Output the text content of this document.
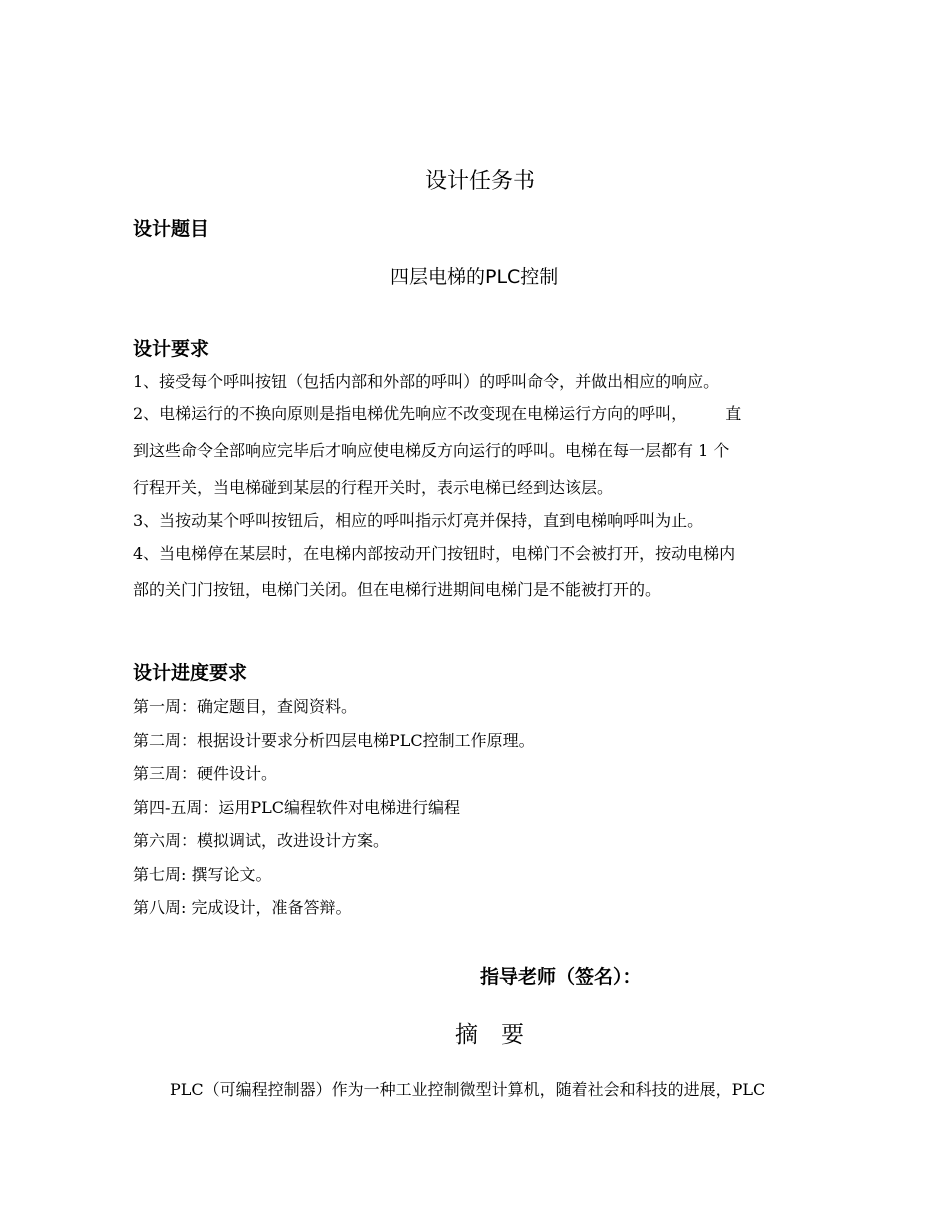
设计任务书
设计题目
四层电梯的PLC控制
设计要求
1、接受每个呼叫按钮（包括内部和外部的呼叫）的呼叫命令，并做出相应的响应。
2、电梯运行的不换向原则是指电梯优先响应不改变现在电梯运行方向的呼叫， 直
到这些命令全部响应完毕后才响应使电梯反方向运行的呼叫。电梯在每一层都有 1 个
行程开关，当电梯碰到某层的行程开关时，表示电梯已经到达该层。
3、当按动某个呼叫按钮后，相应的呼叫指示灯亮并保持，直到电梯响呼叫为止。
4、当电梯停在某层时，在电梯内部按动开门按钮时，电梯门不会被打开，按动电梯内
部的关门门按钮，电梯门关闭。但在电梯行进期间电梯门是不能被打开的。
设计进度要求
第一周：确定题目，查阅资料。
第二周：根据设计要求分析四层电梯PLC控制工作原理。
第三周：硬件设计。
第四-五周：运用PLC编程软件对电梯进行编程
第六周：模拟调试，改进设计方案。
第七周: 撰写论文。
第八周: 完成设计，准备答辩。
指导老师（签名）：
摘　要
PLC（可编程控制器）作为一种工业控制微型计算机，随着社会和科技的进展，PLC
